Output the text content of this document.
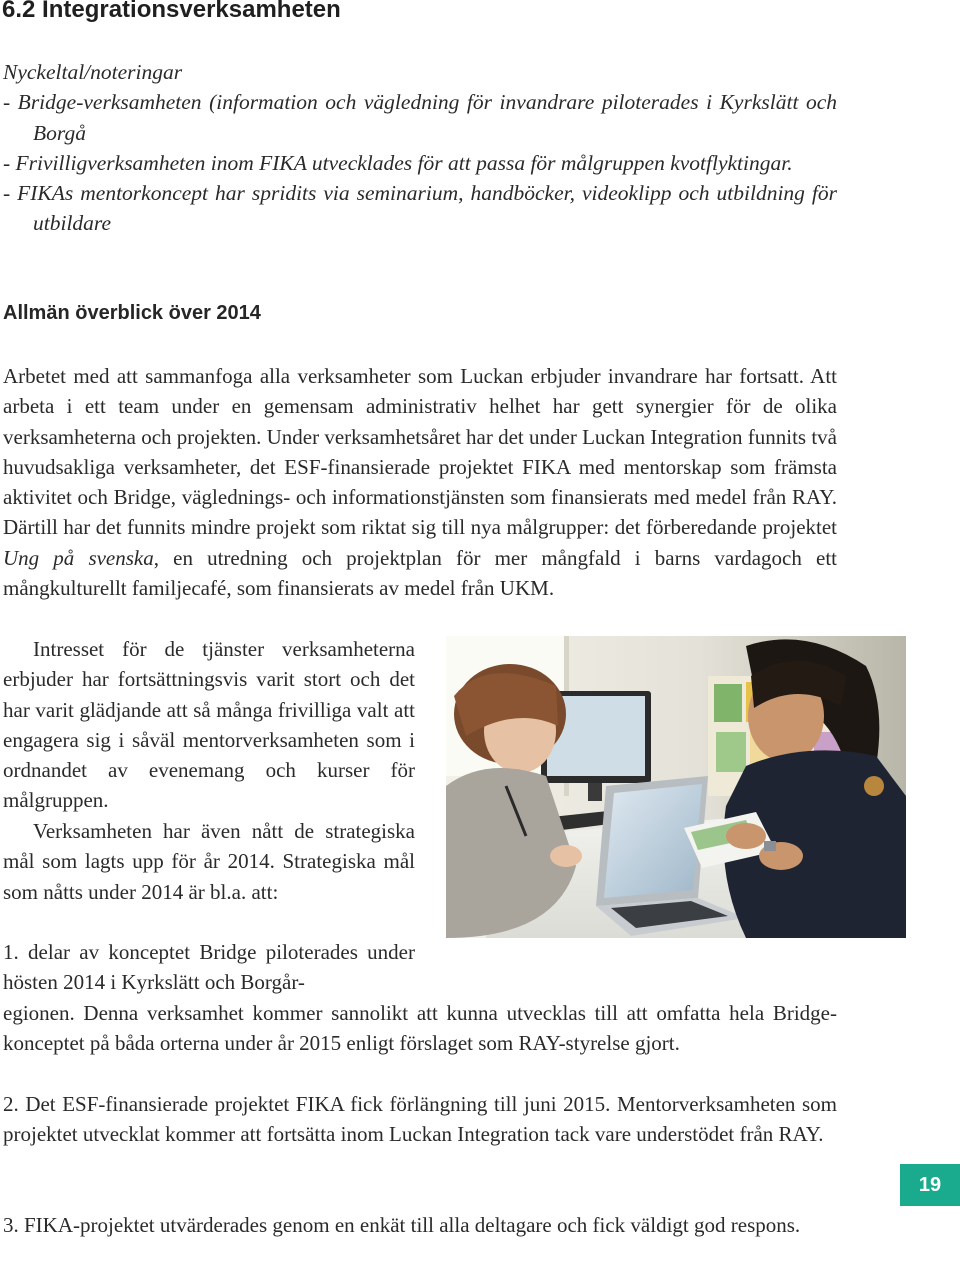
6.2 Integrationsverksamheten

Nyckeltal/noteringar

- Bridge-verksamheten (information och vägledning för invandrare piloterades i Kyrkslätt och Borgå

- Frivilligverksamheten inom FIKA utvecklades för att passa för målgruppen kvotflyktingar.

- FIKAs mentorkoncept har spridits via seminarium, handböcker, videoklipp och utbildning för utbildare

Allmän överblick över 2014

Arbetet med att sammanfoga alla verksamheter som Luckan erbjuder invandrare har fortsatt. Att arbeta i ett team under en gemensam administrativ helhet har gett synergier för de olika verksamheterna och projekten. Under verksamhetsåret har det under Luckan Integration funnits två huvudsakliga verksamheter, det ESF-finansierade projektet FIKA med mentorskap som främsta aktivitet och Bridge, väglednings- och informationstjänsten som finansierats med medel från RAY. Därtill har det funnits mindre projekt som riktat sig till nya målgrupper: det förberedande projektet Ung på svenska, en utredning och projektplan för mer mångfald i barns vardagoch ett mångkulturellt familjecafé, som finansierats av medel från UKM.

Intresset för de tjänster verksamheterna erbjuder har fortsättningsvis varit stort och det har varit glädjande att så många frivilliga valt att engagera sig i såväl mentorverksamheten som i ordnandet av evenemang och kurser för målgruppen.

Verksamheten har även nått de strategiska mål som lagts upp för år 2014. Strategiska mål som nåtts under 2014 är bl.a. att:

1. delar av konceptet Bridge piloterades under hösten 2014 i Kyrkslätt och Borgår-

egionen. Denna verksamhet kommer sannolikt att kunna utvecklas till att omfatta hela Bridge-konceptet på båda orterna under år 2015 enligt förslaget som RAY-styrelse gjort.

2. Det ESF-finansierade projektet FIKA fick förlängning till juni 2015. Mentorverksamheten som projektet utvecklat kommer att fortsätta inom Luckan Integration tack vare understödet från RAY.

3. FIKA-projektet utvärderades genom en enkät till alla deltagare och fick väldigt god respons.

19
